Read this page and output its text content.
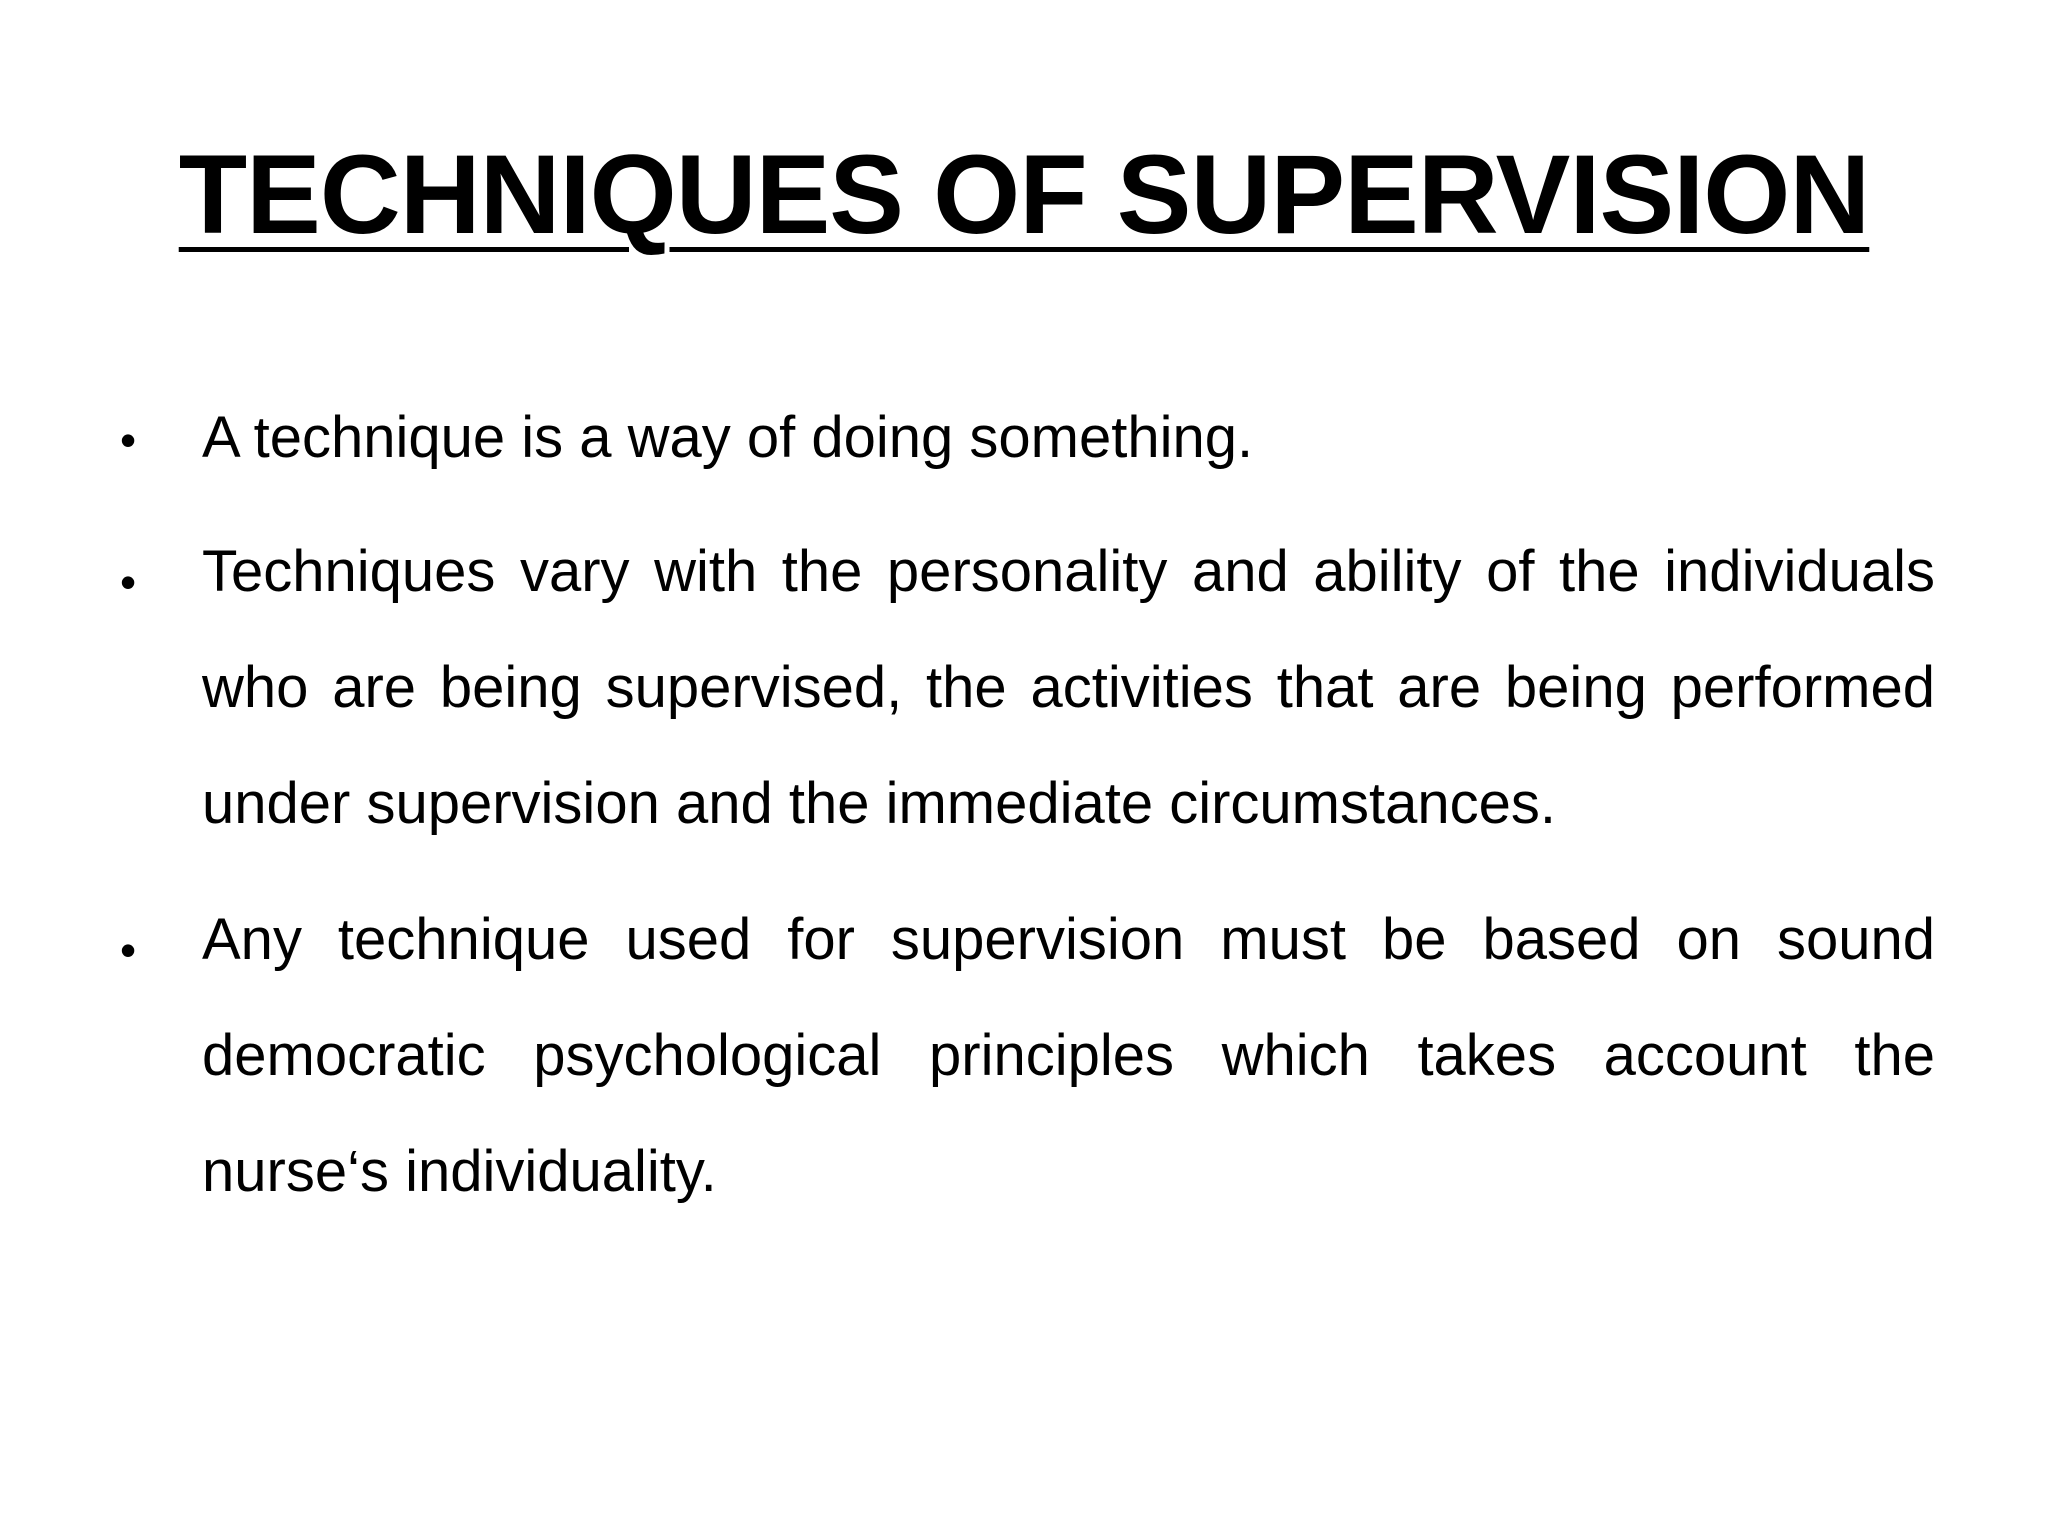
TECHNIQUES OF SUPERVISION
• A technique is a way of doing something.
• Techniques vary with the personality and ability of the individuals who are being supervised, the activities that are being performed under supervision and the immediate circumstances.
• Any technique used for supervision must be based on sound democratic psychological principles which takes account the nurse‘s individuality.
